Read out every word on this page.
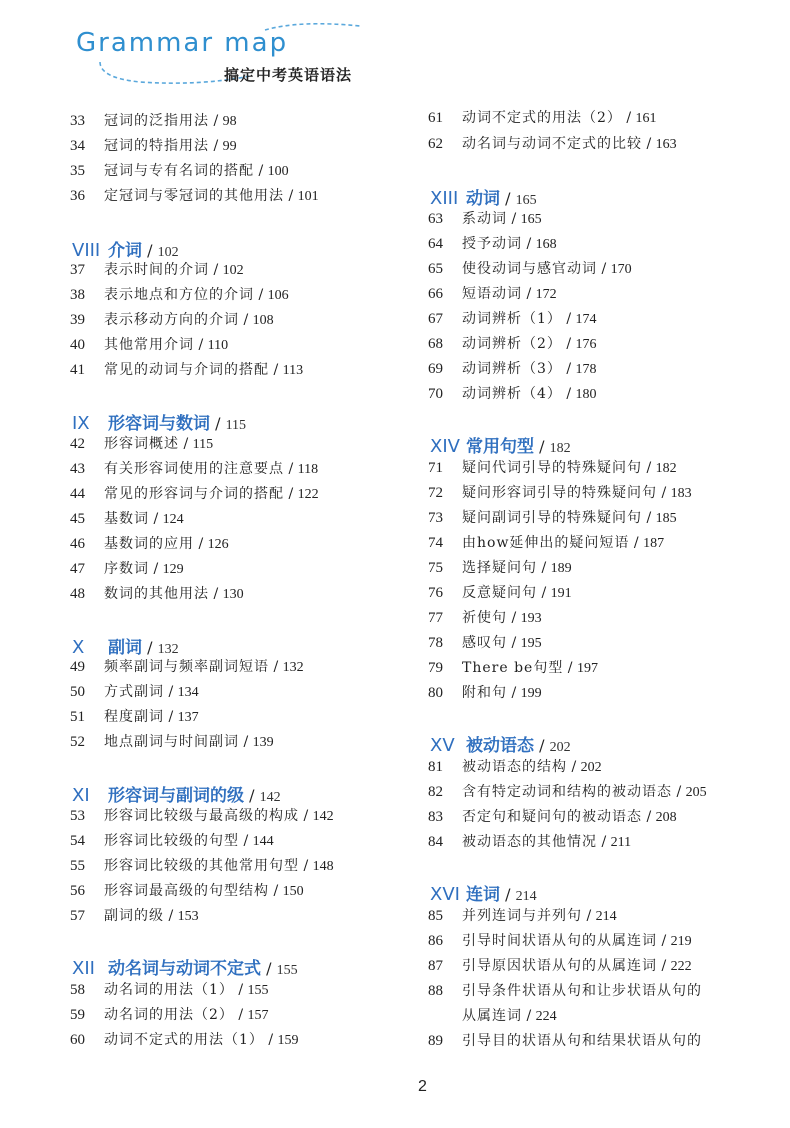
Grammar map
搞定中考英语语法
33 冠词的泛指用法 / 98
34 冠词的特指用法 / 99
35 冠词与专有名词的搭配 / 100
36 定冠词与零冠词的其他用法 / 101
VIII 介词 / 102
37 表示时间的介词 / 102
38 表示地点和方位的介词 / 106
39 表示移动方向的介词 / 108
40 其他常用介词 / 110
41 常见的动词与介词的搭配 / 113
IX 形容词与数词 / 115
42 形容词概述 / 115
43 有关形容词使用的注意要点 / 118
44 常见的形容词与介词的搭配 / 122
45 基数词 / 124
46 基数词的应用 / 126
47 序数词 / 129
48 数词的其他用法 / 130
X 副词 / 132
49 频率副词与频率副词短语 / 132
50 方式副词 / 134
51 程度副词 / 137
52 地点副词与时间副词 / 139
XI 形容词与副词的级 / 142
53 形容词比较级与最高级的构成 / 142
54 形容词比较级的句型 / 144
55 形容词比较级的其他常用句型 / 148
56 形容词最高级的句型结构 / 150
57 副词的级 / 153
XII 动名词与动词不定式 / 155
58 动名词的用法（1） / 155
59 动名词的用法（2） / 157
60 动词不定式的用法（1） / 159
61 动词不定式的用法（2） / 161
62 动名词与动词不定式的比较 / 163
XIII 动词 / 165
63 系动词 / 165
64 授予动词 / 168
65 使役动词与感官动词 / 170
66 短语动词 / 172
67 动词辨析（1） / 174
68 动词辨析（2） / 176
69 动词辨析（3） / 178
70 动词辨析（4） / 180
XIV 常用句型 / 182
71 疑问代词引导的特殊疑问句 / 182
72 疑问形容词引导的特殊疑问句 / 183
73 疑问副词引导的特殊疑问句 / 185
74 由how延伸出的疑问短语 / 187
75 选择疑问句 / 189
76 反意疑问句 / 191
77 祈使句 / 193
78 感叹句 / 195
79 There be句型 / 197
80 附和句 / 199
XV 被动语态 / 202
81 被动语态的结构 / 202
82 含有特定动词和结构的被动语态 / 205
83 否定句和疑问句的被动语态 / 208
84 被动语态的其他情况 / 211
XVI 连词 / 214
85 并列连词与并列句 / 214
86 引导时间状语从句的从属连词 / 219
87 引导原因状语从句的从属连词 / 222
88 引导条件状语从句和让步状语从句的
从属连词 / 224
89 引导目的状语从句和结果状语从句的
2
